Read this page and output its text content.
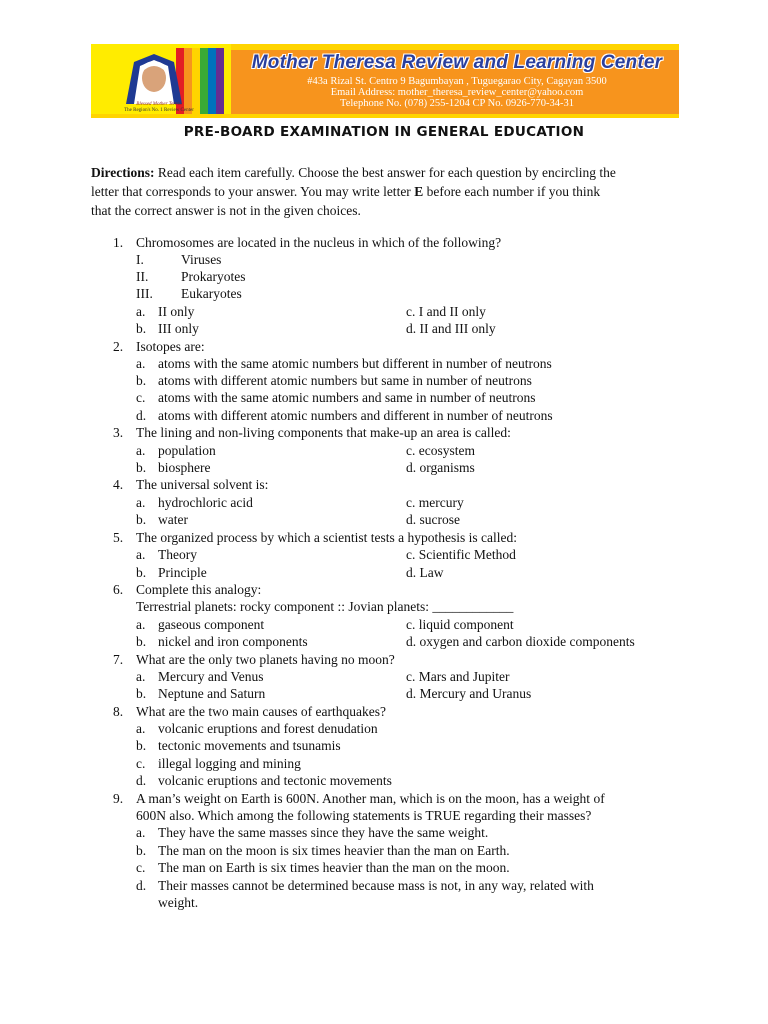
Blessed Mother Teresa
The Region's No. 1 Review Center
Mother Theresa Review and Learning Center
#43a Rizal St. Centro 9 Bagumbayan , Tuguegarao City, Cagayan 3500
Email Address: mother_theresa_review_center@yahoo.com
Telephone No. (078) 255-1204 CP No. 0926-770-34-31
PRE-BOARD EXAMINATION IN GENERAL EDUCATION
Directions: Read each item carefully. Choose the best answer for each question by encircling the
letter that corresponds to your answer. You may write letter E before each number if you think
that the correct answer is not in the given choices.
1. Chromosomes are located in the nucleus in which of the following?
I.	Viruses
II. Prokaryotes
III. Eukaryotes
a. II only	c. I and II only
b. III only	d. II and III only
2. Isotopes are:
a. atoms with the same atomic numbers but different in number of neutrons
b. atoms with different atomic numbers but same in number of neutrons
c. atoms with the same atomic numbers and same in number of neutrons
d. atoms with different atomic numbers and different in number of neutrons
3. The lining and non-living components that make-up an area is called:
a. population	c. ecosystem
b. biosphere	d. organisms
4. The universal solvent is:
a. hydrochloric acid	c. mercury
b. water	d. sucrose
5. The organized process by which a scientist tests a hypothesis is called:
a. Theory	c. Scientific Method
b. Principle	d. Law
6. Complete this analogy:
Terrestrial planets: rocky component :: Jovian planets: ____________
a. gaseous component	c. liquid component
b. nickel and iron components	d. oxygen and carbon dioxide components
7. What are the only two planets having no moon?
a. Mercury and Venus	c. Mars and Jupiter
b. Neptune and Saturn	d. Mercury and Uranus
8. What are the two main causes of earthquakes?
a. volcanic eruptions and forest denudation
b. tectonic movements and tsunamis
c. illegal logging and mining
d. volcanic eruptions and tectonic movements
9. A man’s weight on Earth is 600N. Another man, which is on the moon, has a weight of
600N also. Which among the following statements is TRUE regarding their masses?
a. They have the same masses since they have the same weight.
b. The man on the moon is six times heavier than the man on Earth.
c. The man on Earth is six times heavier than the man on the moon.
d. Their masses cannot be determined because mass is not, in any way, related with
weight.
